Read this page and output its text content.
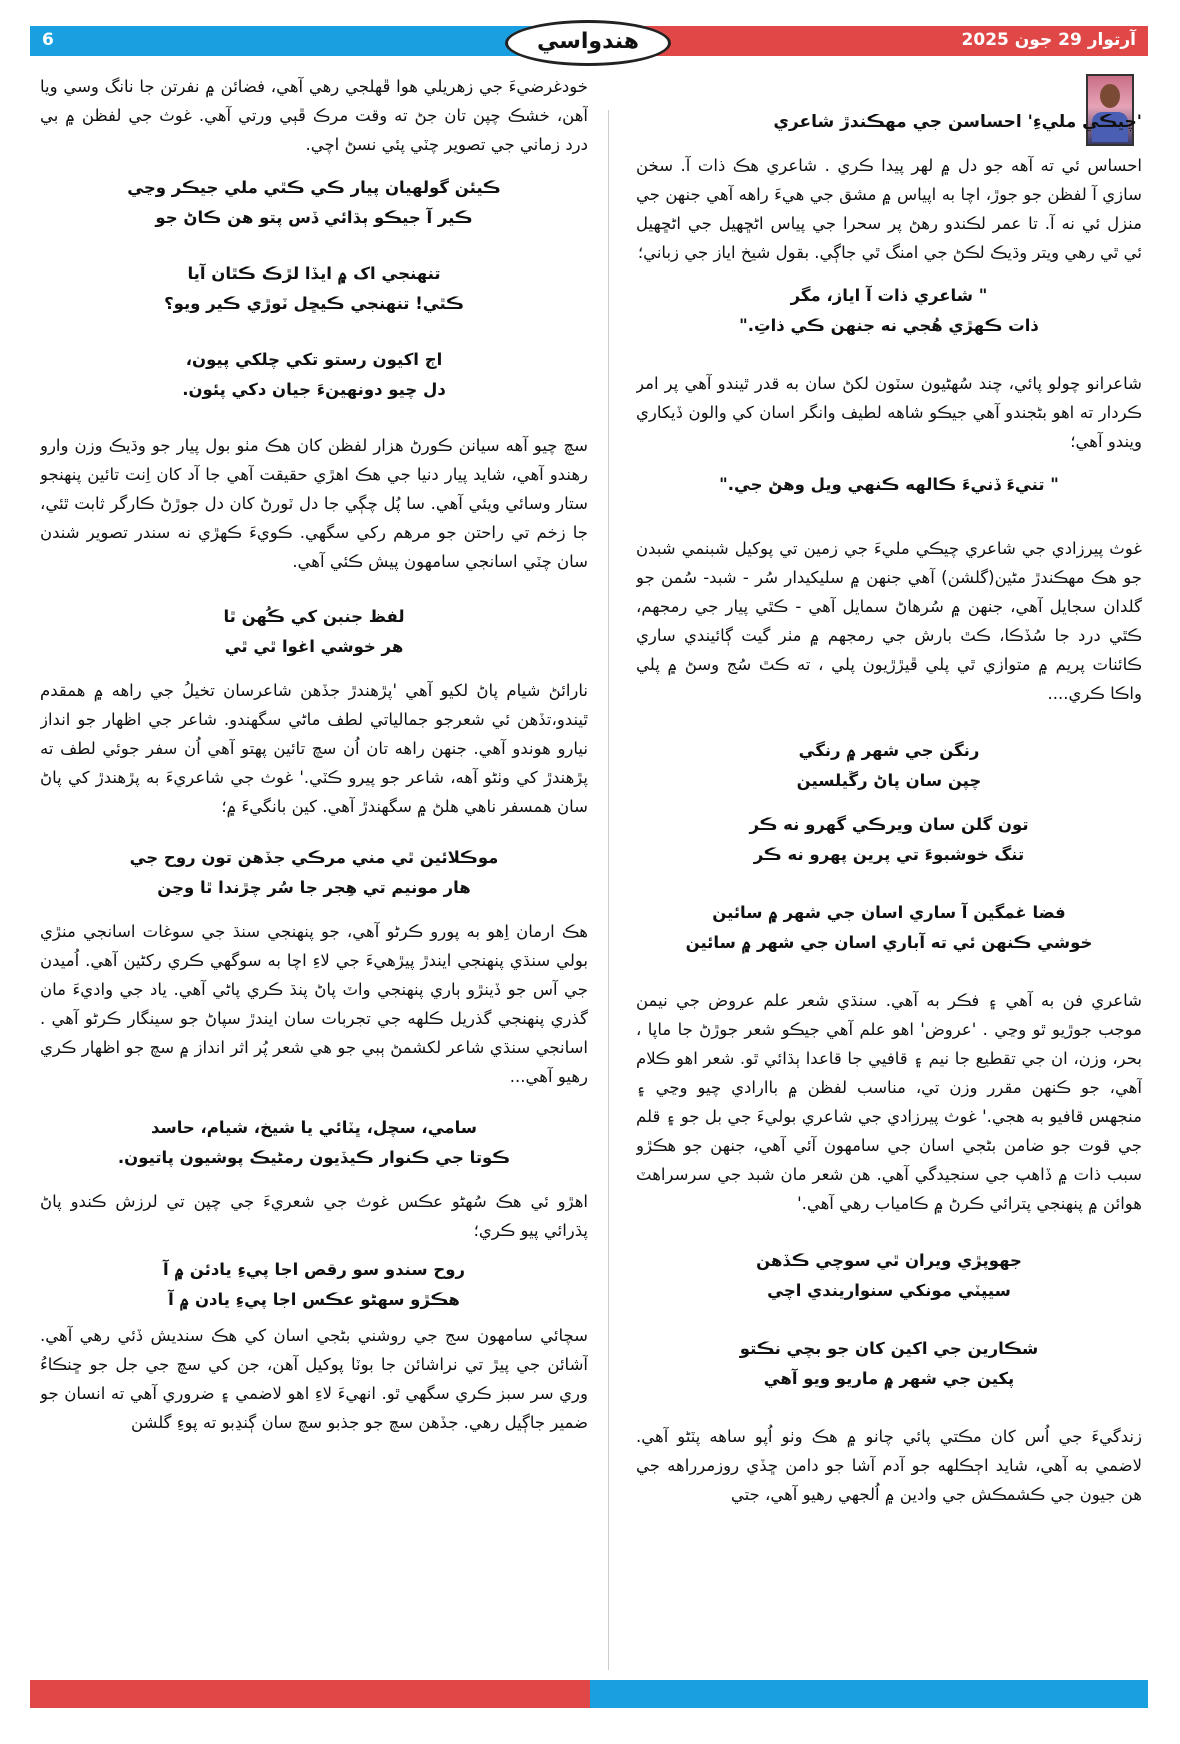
6	آرتوار 29 جون 2025
هندواسي
'چيڪي مليءِ' احساسن جي مهڪندڙ شاعري

احساس ئي ته آهه جو دل ۾ لهر پيدا ڪري . شاعري هڪ ذات آ. سخن سازي آ لفظن جو جوڙ، اچا به اپياس ۾ مشق جي هيءَ راهه آهي جنهن جي منزل ئي نه آ. تا عمر لڪندو رهڻ پر سحرا جي پياس اڻڇهيل جي اڻڇهيل ئي ٿي رهي ويتر وڌيڪ لڪڻ جي امنگ ٿي جاڳي. بقول شيخ اياز جي زباني؛

" شاعري ذات آ اياز، مگر
ذات ڪهڙي هُجي نه جنهن ڪي ذاتِ."

شاعرانو چولو پائي، چند سُهڻيون سٽون لکڻ سان به قدر ٿيندو آهي پر امر ڪردار ته اهو بڻجندو آهي جيڪو شاهه لطيف وانگر اسان کي والون ڏيکاري ويندو آهي؛

" تنيءَ ڏنيءَ ڪالهه ڪنهي ويل وهڻ جي."

غوث پيرزادي جي شاعري چيڪي مليءَ جي زمين تي پوکيل شبنمي شبدن جو هڪ مهڪندڙ مڻين(گلشن) آهي جنهن ۾ سليکيدار سُر - شبد- سُمن جو گلدان سجايل آهي، جنهن ۾ سُرهاڻ سمايل آهي - ڪٿي پيار جي رمجهم، ڪٿي درد جا سُڏڪا، ڪٿ بارش جي رمجهم ۾ مٺر گيت ڳائيندي ساري ڪائنات پريم ۾ متوازي ٿي پلي ڦيڙڙيون پلي ، ته ڪٿ سُج وسڻ ۾ پلي واڪا ڪري....

رنگن جي شهر ۾ رنگي
چپن سان پاڻ رڱيلسين
تون گلن سان ويرڪي گهرو نه ڪر
تنگ خوشبوءَ تي پرين پهرو نه ڪر
فضا غمگين آ ساري اسان جي شهر ۾ سائين
خوشي ڪنهن ئي ته آباري اسان جي شهر ۾ سائين

شاعري فن به آهي ۽ فڪر به آهي. سنڌي شعر علم عروض جي نيمن موجب جوڙيو ٿو وڃي . 'عروض' اهو علم آهي جيڪو شعر جوڙڻ جا ماپا ، بحر، وزن، ان جي تقطيع جا نيم ۽ قافيي جا قاعدا ٻڌائي ٿو. شعر اهو ڪلام آهي، جو ڪنهن مقرر وزن تي، مناسب لفظن ۾ باارادي چيو وڃي ۽ منجهس قافيو به هجي.' غوث پيرزادي جي شاعري بوليءَ جي بل جو ۽ قلم جي قوت جو ضامن بڻجي اسان جي سامهون آئي آهي، جنهن جو هڪڙو سبب ذات ۾ ڏاهپ جي سنجيدگي آهي. هن شعر مان شبد جي سرسراهٽ هوائن ۾ پنهنجي پترائي ڪرڻ ۾ ڪامياب رهي آهي.'

جهوپڙي ويران ٿي سوچي ڪڏهن
سيپٽي مونکي سنواريندي اچي
شڪارين جي اکين کان جو بچي نڪتو
پکين جي شهر ۾ ماريو ويو آهي

زندگيءَ جي اُس کان مڪتي پائي چانو ۾ هڪ وٺو اُپو ساهه پٽڻو آهي. لاضمي به آهي، شايد اڄڪلهه جو آدم آشا جو دامن ڇڏي روزمرراهه جي هن جيون جي ڪشمڪش جي وادين ۾ اُلجهي رهيو آهي، جتي

خودغرضيءَ جي زهريلي هوا ڦهلجي رهي آهي، فضائن ۾ نفرتن جا نانگ وسي ويا آهن، خشڪ چپن تان جڻ ته وقت مرڪ ڦٻي ورتي آهي. غوث جي لفظن ۾ بي درد زماني جي تصوير چٽي پئي نسڻ اچي.

ڪيئن گولهيان پيار ڪي ڪٿي ملي جيڪر وڃي
ڪير آ جيڪو ٻڌائي ڏس پتو هن ڪاڻ جو
تنهنجي اک ۾ ايڏا لڙڪ ڪٿان آيا
ڪٿي! تنهنجي ڪيڇل ٽوڙي ڪير ويو؟
اڄ اکيون رستو تکي چلکي پيون،
دل چيو دونهينءَ جيان دکي پئون.

سچ چيو آهه سيانن ڪورڻ هزار لفظن کان هڪ مٺو بول پيار جو وڌيڪ وزن وارو رهندو آهي، شايد پيار دنيا جي هڪ اهڙي حقيقت آهي جا آد کان اِنت تائين پنهنجو ستار وسائي ويئي آهي. سا پُل چڳي جا دل ٽورڻ کان دل جوڙڻ ڪارگر ثابت ٿئي، جا زخم تي راحتن جو مرهم رکي سگهي. ڪويءَ ڪهڙي نه سندر تصوير شندن سان چٽي اسانجي سامهون پيش ڪئي آهي.

لفظ جنبن کي ڪُهن ٿا
هر خوشي اغوا ٿي ٿي

نارائڻ شيام پاڻ لکيو آهي 'پڙهندڙ جڏهن شاعرسان تخيلُ جي راهه ۾ همقدم ٿيندو،تڏهن ئي شعرجو جمالياتي لطف ماڻي سگهندو. شاعر جي اظهار جو انداز نيارو هوندو آهي. جنهن راهه تان اُن سچ تائين پهتو آهي اُن سفر جوئي لطف ته پڙهندڙ کي وٺڻو آهه، شاعر جو پيرو ڪٽي.' غوث جي شاعريءَ به پڙهندڙ کي پاڻ سان همسفر ناهي هلڻ ۾ سگهندڙ آهي. کين بانگيءَ ۾؛

موڪلائين ٿي مني مرڪي جڏهن تون روح جي
هار مونيم تي هِجر جا سُر چڙندا ٿا وڃن

هڪ ارمان اِهو به پورو ڪرڻو آهي، جو پنهنجي سنڌ جي سوغات اسانجي منڙي بولي سنڌي پنهنجي ايندڙ پيڙهيءَ جي لاءِ اچا به سوگهي ڪري رکڻين آهي. اُميدن جي آس جو ڏينڙو ٻاري پنهنجي واٽ پاڻ پنڌ ڪري پاڻي آهي. ياد جي واديءَ مان گذري پنهنجي گذريل ڪلهه جي تجربات سان ايندڙ سپاڻ جو سينگار ڪرڻو آهي . اسانجي سنڌي شاعر لکشمڻ ٻبي جو هي شعر پُر اثر انداز ۾ سچ جو اظهار ڪري رهيو آهي...

سامي، سچل، ڀٽائي يا شيخ، شيام، حاسد
ڪوتا جي ڪنوار ڪيڏيون رمڻيڪ پوشيون پاتيون.

اهڙو ئي هڪ سُهڻو عڪس غوث جي شعريءَ جي چپن تي لرزش ڪندو پاڻ پڌرائي پيو ڪري؛

روح سندو سو رقص اجا پيءِ يادئن ۾ آ
هڪڙو سهڻو عڪس اجا پيءِ يادن ۾ آ

سچائي سامهون سج جي روشني بڻجي اسان کي هڪ سنديش ڏئي رهي آهي. آشائن جي پيڙ تي نراشائن جا بوٽا پوکيل آهن، جن کي سچ جي جل جو ڇنڪاءُ وري سر سبز ڪري سگهي ٿو. انهيءَ لاءِ اهو لاضمي ۽ ضروري آهي ته انسان جو ضمير جاڳيل رهي. جڏهن سچ جو جذبو سچ سان ڳنڍبو ته پوءِ گلشن
